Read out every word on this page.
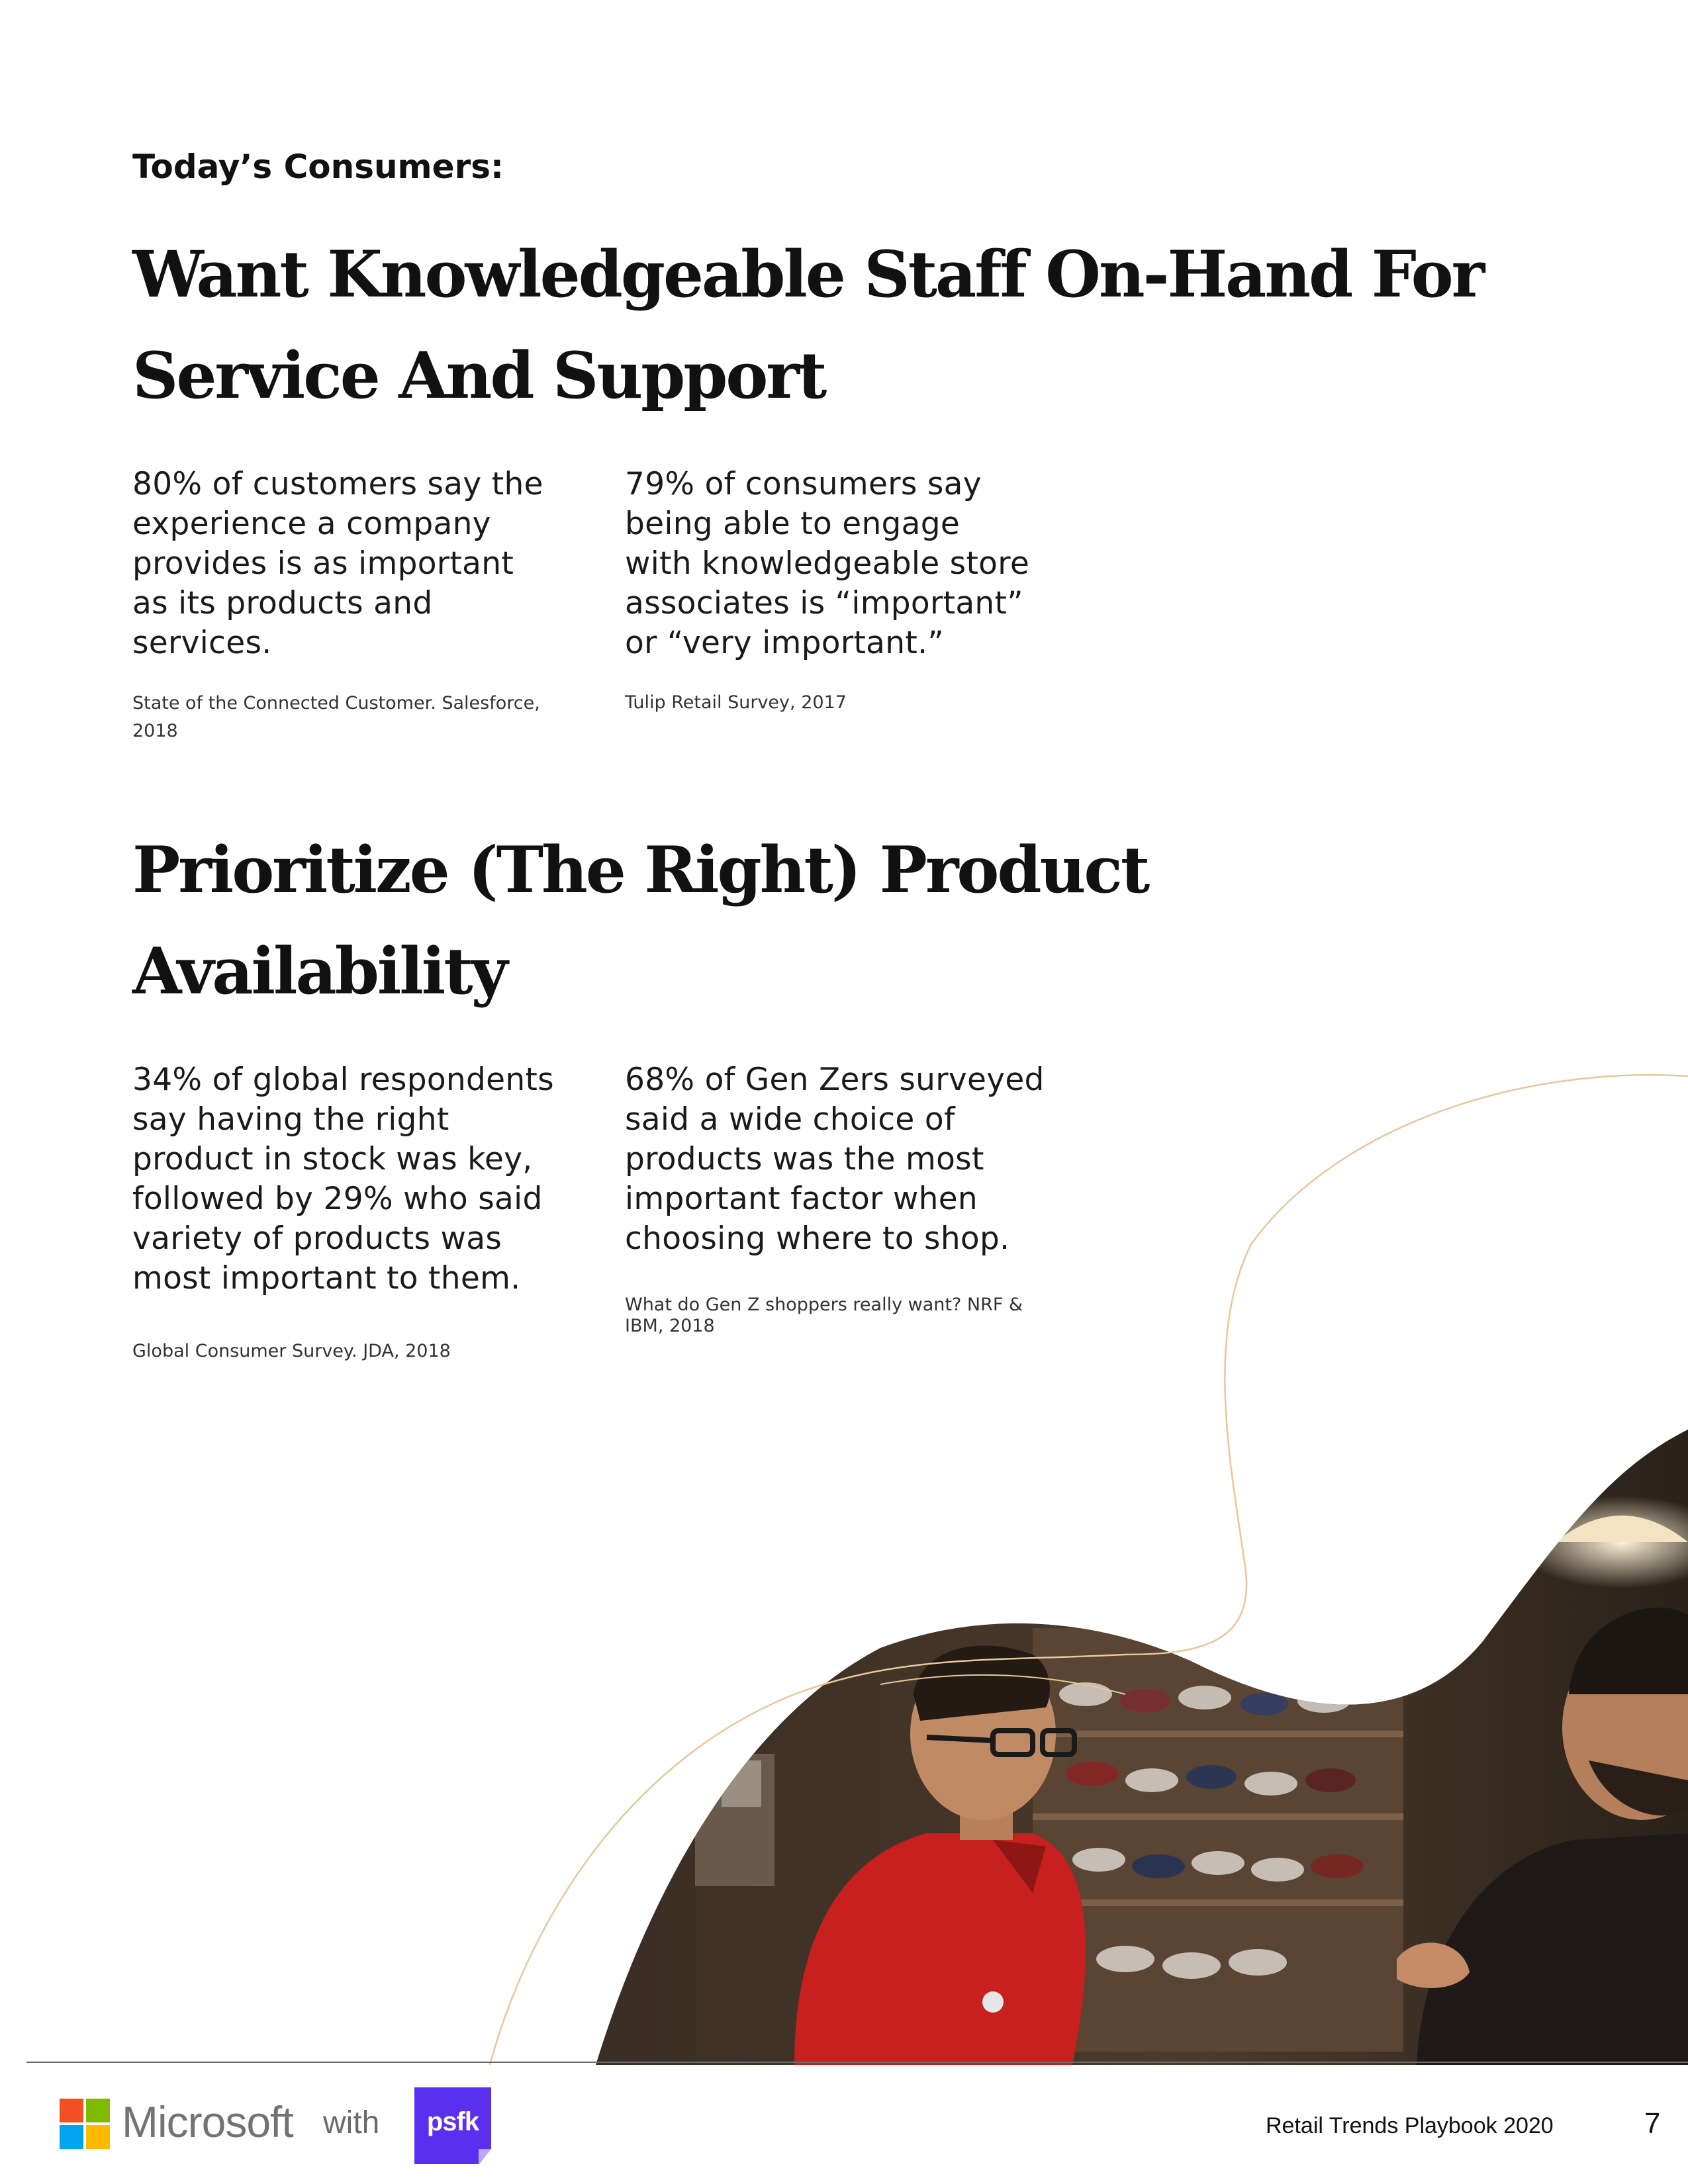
Today’s Consumers:

Want Knowledgeable Staff On-Hand For
Service And Support

80% of customers say the
experience a company
provides is as important
as its products and
services.

State of the Connected Customer. Salesforce,
2018

79% of consumers say
being able to engage
with knowledgeable store
associates is “important”
or “very important.”

Tulip Retail Survey, 2017

Prioritize (The Right) Product
Availability

34% of global respondents
say having the right
product in stock was key,
followed by 29% who said
variety of products was
most important to them.

Global Consumer Survey. JDA, 2018

68% of Gen Zers surveyed
said a wide choice of
products was the most
important factor when
choosing where to shop.

What do Gen Z shoppers really want? NRF &
IBM, 2018

Microsoft with	psfk	Retail Trends Playbook 2020	7
